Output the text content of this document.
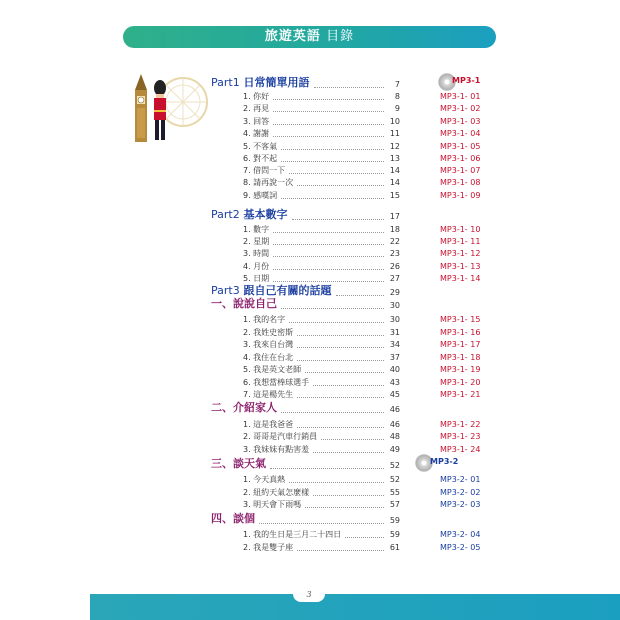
旅遊英語 目錄
Part1 日常簡單用語	7	MP3-1
1. 你好	8	MP3-1- 01
2. 再見	9	MP3-1- 02
3. 回答	10	MP3-1- 03
4. 謝謝	11	MP3-1- 04
5. 不客氣	12	MP3-1- 05
6. 對不起	13	MP3-1- 06
7. 借問一下	14	MP3-1- 07
8. 請再說一次	14	MP3-1- 08
9. 感嘆詞	15	MP3-1- 09
Part2 基本數字	17
1. 數字	18	MP3-1- 10
2. 星期	22	MP3-1- 11
3. 時間	23	MP3-1- 12
4. 月份	26	MP3-1- 13
5. 日期	27	MP3-1- 14
Part3 跟自己有關的話題	29
一、說說自己	30
1. 我的名字	30	MP3-1- 15
2. 我姓史密斯	31	MP3-1- 16
3. 我來自台灣	34	MP3-1- 17
4. 我住在台北	37	MP3-1- 18
5. 我是英文老師	40	MP3-1- 19
6. 我想當棒球選手	43	MP3-1- 20
7. 這是楊先生	45	MP3-1- 21
二、介紹家人	46
1. 這是我爸爸	46	MP3-1- 22
2. 哥哥是汽車行銷員	48	MP3-1- 23
3. 我妹妹有點害羞	49	MP3-1- 24
三、談天氣	52	MP3-2
1. 今天真熱	52	MP3-2- 01
2. 紐約天氣怎麼樣	55	MP3-2- 02
3. 明天會下雨嗎	57	MP3-2- 03
四、談個	59
1. 我的生日是三月二十四日	59	MP3-2- 04
2. 我是雙子座	61	MP3-2- 05
3
